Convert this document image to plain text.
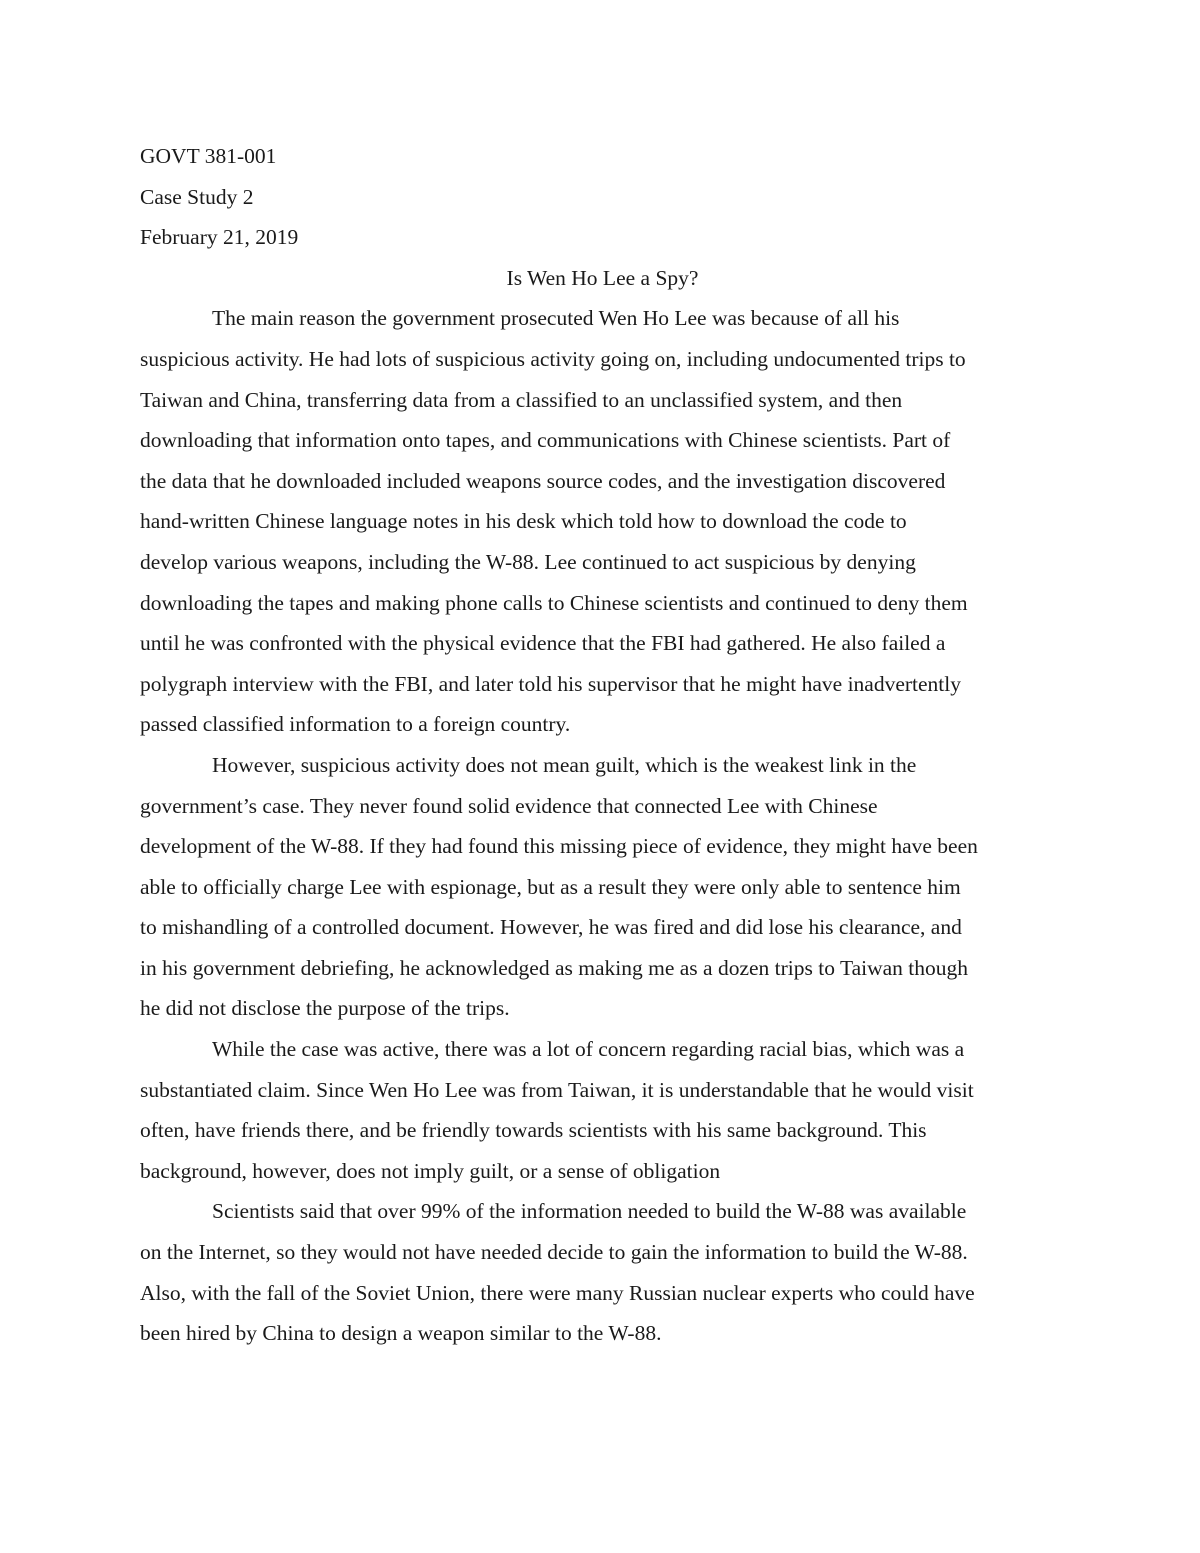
GOVT 381-001

Case Study 2

February 21, 2019

Is Wen Ho Lee a Spy?

The main reason the government prosecuted Wen Ho Lee was because of all his
suspicious activity. He had lots of suspicious activity going on, including undocumented trips to
Taiwan and China, transferring data from a classified to an unclassified system, and then
downloading that information onto tapes, and communications with Chinese scientists. Part of
the data that he downloaded included weapons source codes, and the investigation discovered
hand-written Chinese language notes in his desk which told how to download the code to
develop various weapons, including the W-88. Lee continued to act suspicious by denying
downloading the tapes and making phone calls to Chinese scientists and continued to deny them
until he was confronted with the physical evidence that the FBI had gathered. He also failed a
polygraph interview with the FBI, and later told his supervisor that he might have inadvertently
passed classified information to a foreign country.
However, suspicious activity does not mean guilt, which is the weakest link in the
government’s case. They never found solid evidence that connected Lee with Chinese
development of the W-88. If they had found this missing piece of evidence, they might have been
able to officially charge Lee with espionage, but as a result they were only able to sentence him
to mishandling of a controlled document. However, he was fired and did lose his clearance, and
in his government debriefing, he acknowledged as making me as a dozen trips to Taiwan though
he did not disclose the purpose of the trips.
While the case was active, there was a lot of concern regarding racial bias, which was a
substantiated claim. Since Wen Ho Lee was from Taiwan, it is understandable that he would visit
often, have friends there, and be friendly towards scientists with his same background. This
background, however, does not imply guilt, or a sense of obligation
Scientists said that over 99% of the information needed to build the W-88 was available
on the Internet, so they would not have needed decide to gain the information to build the W-88.
Also, with the fall of the Soviet Union, there were many Russian nuclear experts who could have
been hired by China to design a weapon similar to the W-88.
